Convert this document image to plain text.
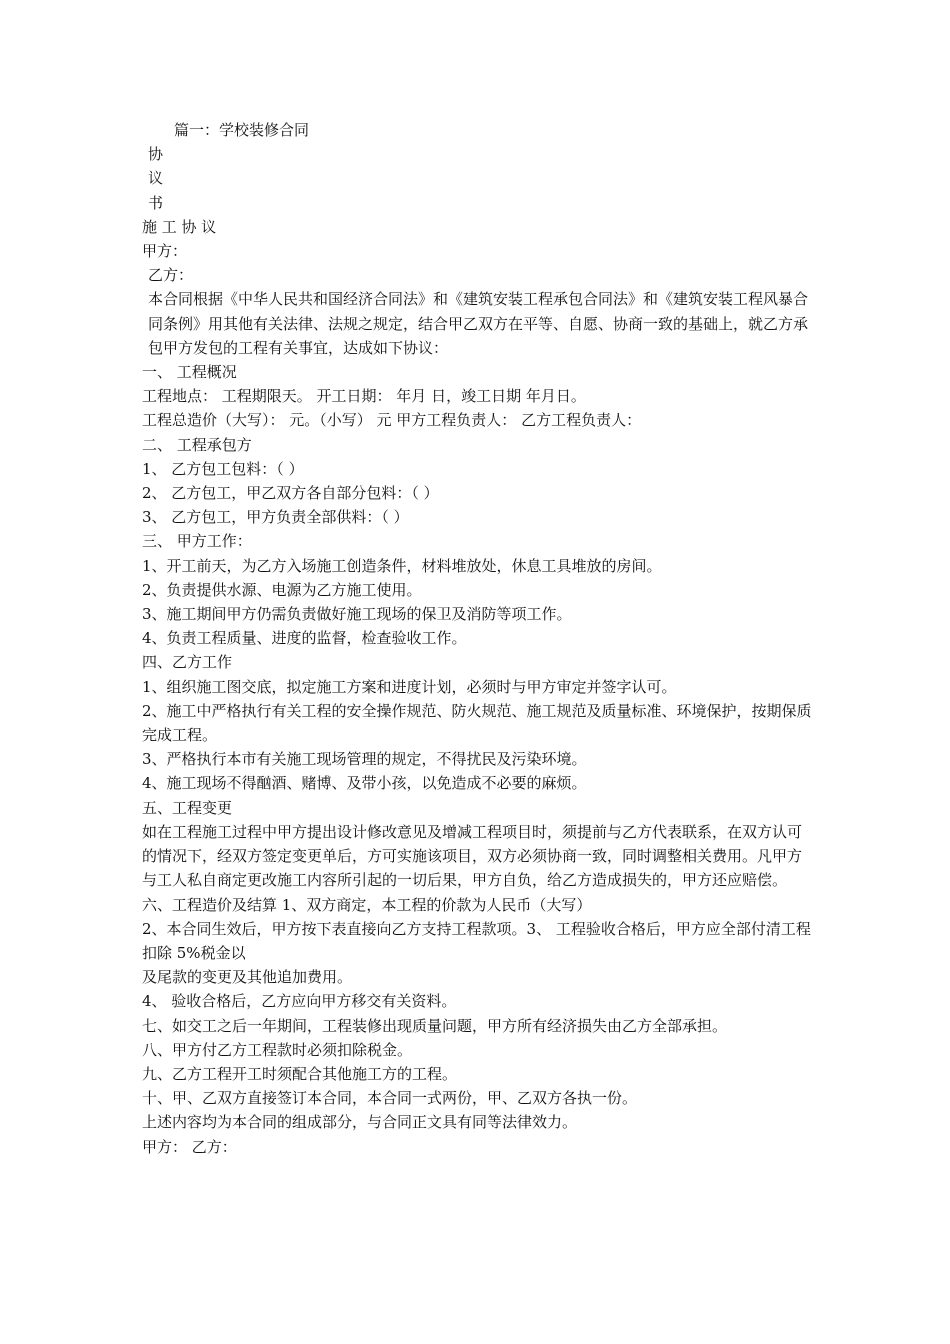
篇一：学校装修合同
协
议
书
施 工 协 议
甲方：
乙方：
本合同根据《中华人民共和国经济合同法》和《建筑安装工程承包合同法》和《建筑安装工程风暴合同条例》用其他有关法律、法规之规定，结合甲乙双方在平等、自愿、协商一致的基础上，就乙方承包甲方发包的工程有关事宜，达成如下协议：
一、 工程概况
工程地点： 工程期限天。 开工日期： 年月 日，竣工日期 年月日。
工程总造价（大写）： 元。（小写） 元 甲方工程负责人： 乙方工程负责人：
二、 工程承包方
1、 乙方包工包料：（ ）
2、 乙方包工，甲乙双方各自部分包料：（ ）
3、 乙方包工，甲方负责全部供料：（ ）
三、 甲方工作：
1、开工前天，为乙方入场施工创造条件，材料堆放处，休息工具堆放的房间。
2、负责提供水源、电源为乙方施工使用。
3、施工期间甲方仍需负责做好施工现场的保卫及消防等项工作。
4、负责工程质量、进度的监督，检查验收工作。
四、乙方工作
1、组织施工图交底，拟定施工方案和进度计划，必须时与甲方审定并签字认可。
2、施工中严格执行有关工程的安全操作规范、防火规范、施工规范及质量标准、环境保护，按期保质完成工程。
3、严格执行本市有关施工现场管理的规定，不得扰民及污染环境。
4、施工现场不得酗酒、赌博、及带小孩，以免造成不必要的麻烦。
五、工程变更
如在工程施工过程中甲方提出设计修改意见及增减工程项目时，须提前与乙方代表联系，在双方认可的情况下，经双方签定变更单后，方可实施该项目，双方必须协商一致，同时调整相关费用。凡甲方与工人私自商定更改施工内容所引起的一切后果，甲方自负，给乙方造成损失的，甲方还应赔偿。
六、工程造价及结算 1、双方商定，本工程的价款为人民币（大写）
2、本合同生效后，甲方按下表直接向乙方支持工程款项。3、 工程验收合格后，甲方应全部付清工程扣除 5%税金以
及尾款的变更及其他追加费用。
4、 验收合格后，乙方应向甲方移交有关资料。
七、如交工之后一年期间，工程装修出现质量问题，甲方所有经济损失由乙方全部承担。
八、甲方付乙方工程款时必须扣除税金。
九、乙方工程开工时须配合其他施工方的工程。
十、甲、乙双方直接签订本合同，本合同一式两份，甲、乙双方各执一份。
上述内容均为本合同的组成部分，与合同正文具有同等法律效力。
甲方： 乙方：
